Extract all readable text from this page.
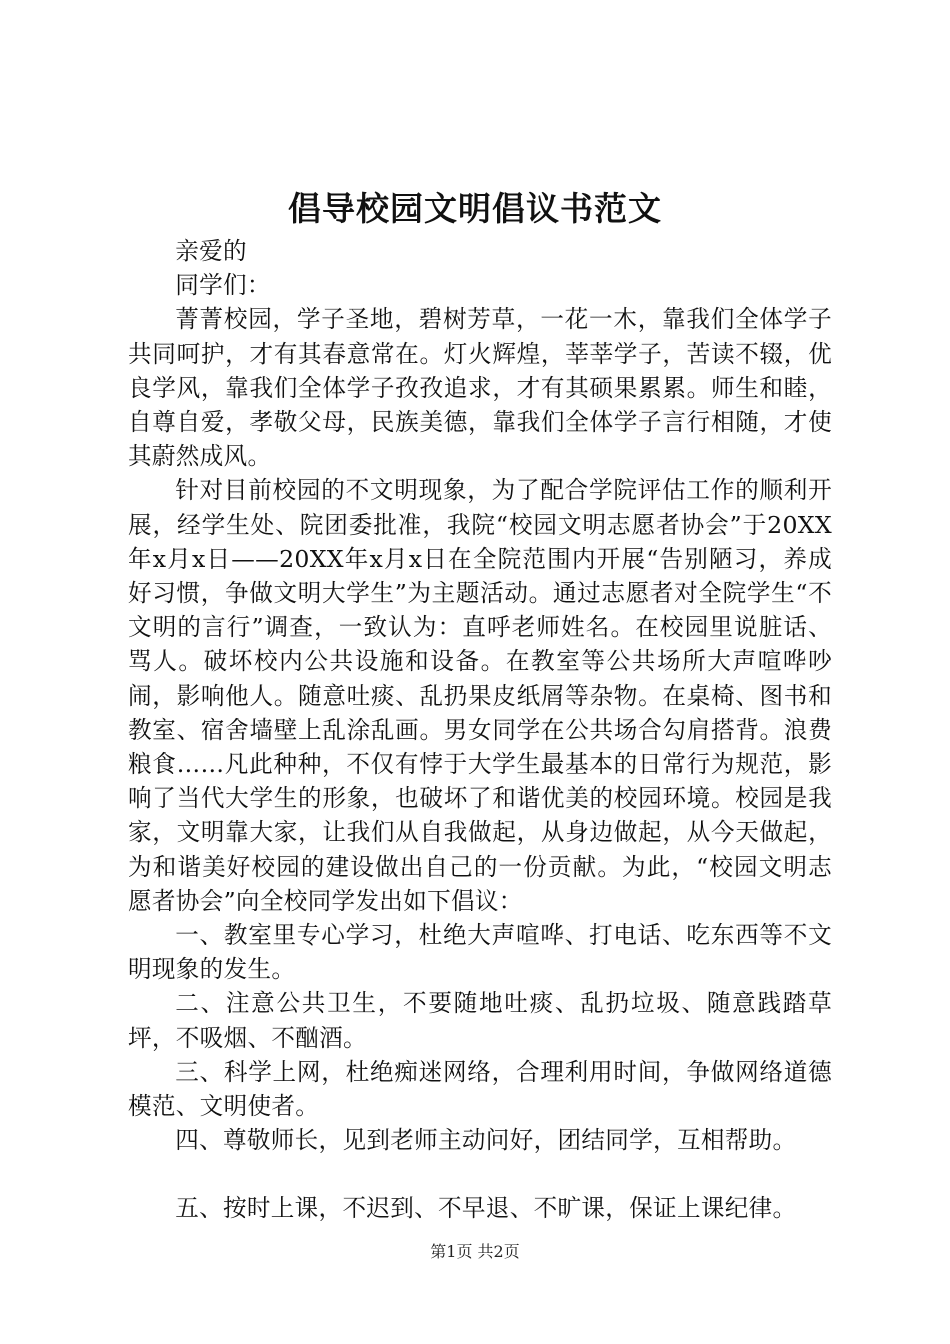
倡导校园文明倡议书范文

亲爱的

同学们：

菁菁校园，学子圣地，碧树芳草，一花一木，靠我们全体学子共同呵护，才有其春意常在。灯火辉煌，莘莘学子，苦读不辍，优良学风，靠我们全体学子孜孜追求，才有其硕果累累。师生和睦，自尊自爱，孝敬父母，民族美德，靠我们全体学子言行相随，才使其蔚然成风。

针对目前校园的不文明现象，为了配合学院评估工作的顺利开展，经学生处、院团委批准，我院“校园文明志愿者协会”于20XX年x月x日——20XX年x月x日在全院范围内开展“告别陋习，养成好习惯，争做文明大学生”为主题活动。通过志愿者对全院学生“不文明的言行”调查，一致认为：直呼老师姓名。在校园里说脏话、骂人。破坏校内公共设施和设备。在教室等公共场所大声喧哗吵闹，影响他人。随意吐痰、乱扔果皮纸屑等杂物。在桌椅、图书和教室、宿舍墙壁上乱涂乱画。男女同学在公共场合勾肩搭背。浪费粮食……凡此种种，不仅有悖于大学生最基本的日常行为规范，影响了当代大学生的形象，也破坏了和谐优美的校园环境。校园是我家，文明靠大家，让我们从自我做起，从身边做起，从今天做起，为和谐美好校园的建设做出自己的一份贡献。为此，“校园文明志愿者协会”向全校同学发出如下倡议：

一、教室里专心学习，杜绝大声喧哗、打电话、吃东西等不文明现象的发生。

二、注意公共卫生，不要随地吐痰、乱扔垃圾、随意践踏草坪，不吸烟、不酗酒。

三、科学上网，杜绝痴迷网络，合理利用时间，争做网络道德模范、文明使者。

四、尊敬师长，见到老师主动问好，团结同学，互相帮助。

五、按时上课，不迟到、不早退、不旷课，保证上课纪律。

第1页 共2页
